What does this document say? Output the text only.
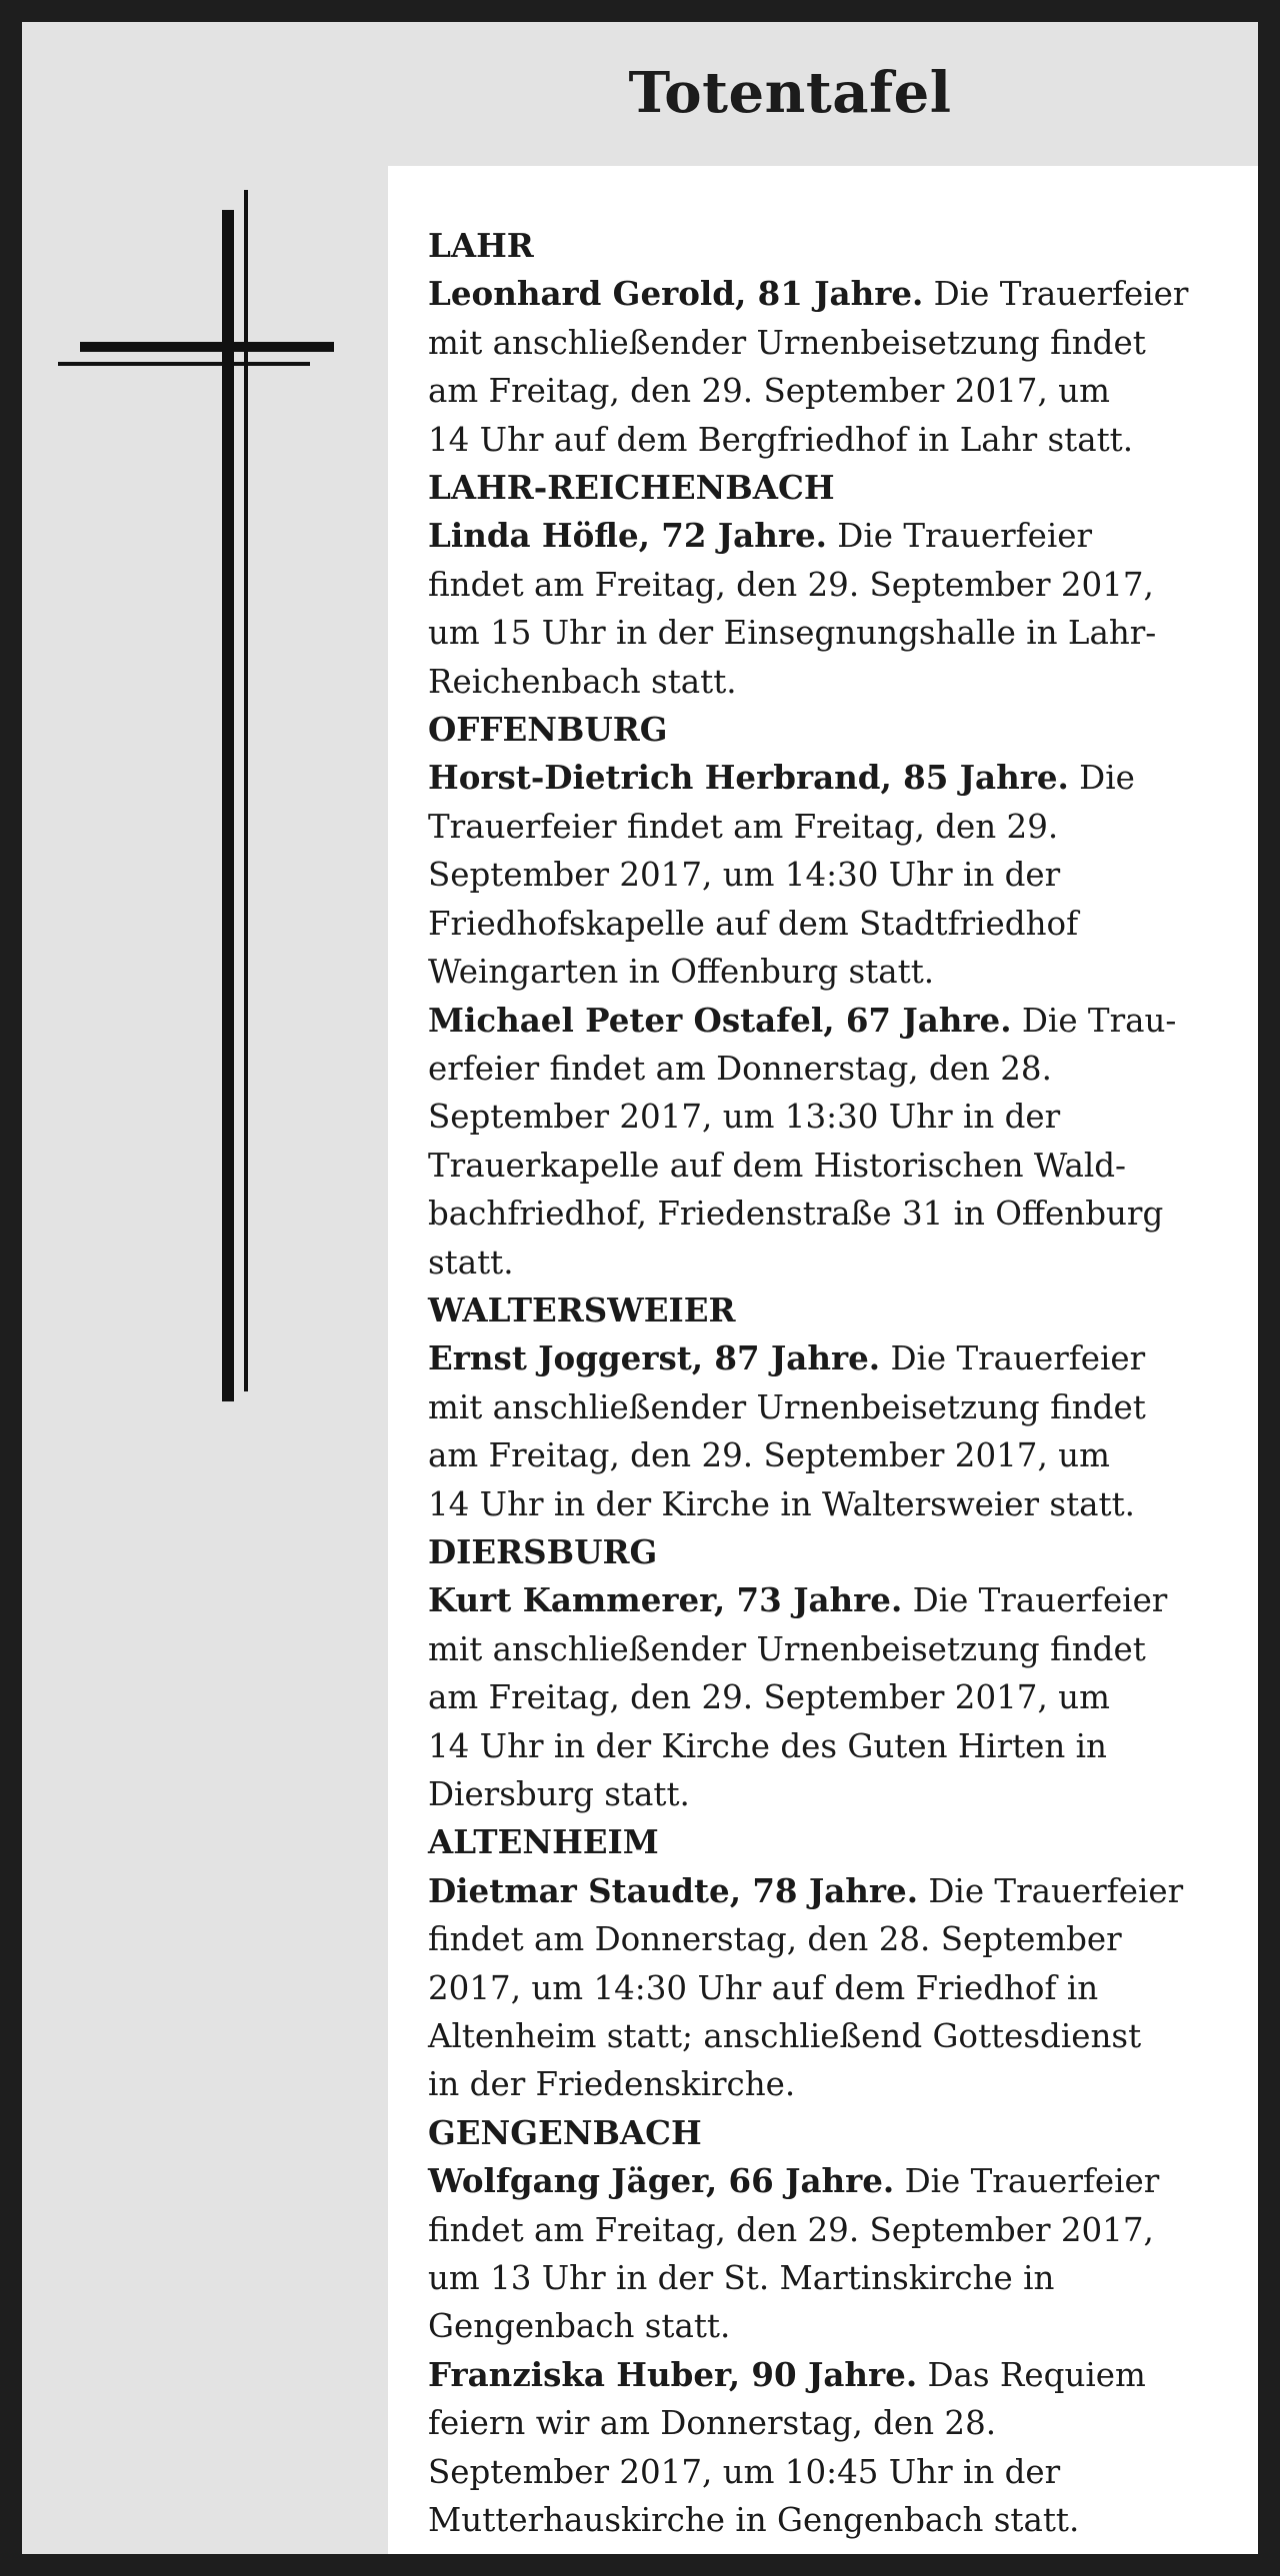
Totentafel
LAHR
Leonhard Gerold, 81 Jahre. Die Trauerfeier
mit anschließender Urnenbeisetzung findet
am Freitag, den 29. September 2017, um
14 Uhr auf dem Bergfriedhof in Lahr statt.
LAHR-REICHENBACH
Linda Höfle, 72 Jahre. Die Trauerfeier
findet am Freitag, den 29. September 2017,
um 15 Uhr in der Einsegnungshalle in Lahr-
Reichenbach statt.
OFFENBURG
Horst-Dietrich Herbrand, 85 Jahre. Die
Trauerfeier findet am Freitag, den 29.
September 2017, um 14:30 Uhr in der
Friedhofskapelle auf dem Stadtfriedhof
Weingarten in Offenburg statt.
Michael Peter Ostafel, 67 Jahre. Die Trau-
erfeier findet am Donnerstag, den 28.
September 2017, um 13:30 Uhr in der
Trauerkapelle auf dem Historischen Wald-
bachfriedhof, Friedenstraße 31 in Offenburg
statt.
WALTERSWEIER
Ernst Joggerst, 87 Jahre. Die Trauerfeier
mit anschließender Urnenbeisetzung findet
am Freitag, den 29. September 2017, um
14 Uhr in der Kirche in Waltersweier statt.
DIERSBURG
Kurt Kammerer, 73 Jahre. Die Trauerfeier
mit anschließender Urnenbeisetzung findet
am Freitag, den 29. September 2017, um
14 Uhr in der Kirche des Guten Hirten in
Diersburg statt.
ALTENHEIM
Dietmar Staudte, 78 Jahre. Die Trauerfeier
findet am Donnerstag, den 28. September
2017, um 14:30 Uhr auf dem Friedhof in
Altenheim statt; anschließend Gottesdienst
in der Friedenskirche.
GENGENBACH
Wolfgang Jäger, 66 Jahre. Die Trauerfeier
findet am Freitag, den 29. September 2017,
um 13 Uhr in der St. Martinskirche in
Gengenbach statt.
Franziska Huber, 90 Jahre. Das Requiem
feiern wir am Donnerstag, den 28.
September 2017, um 10:45 Uhr in der
Mutterhauskirche in Gengenbach statt.
